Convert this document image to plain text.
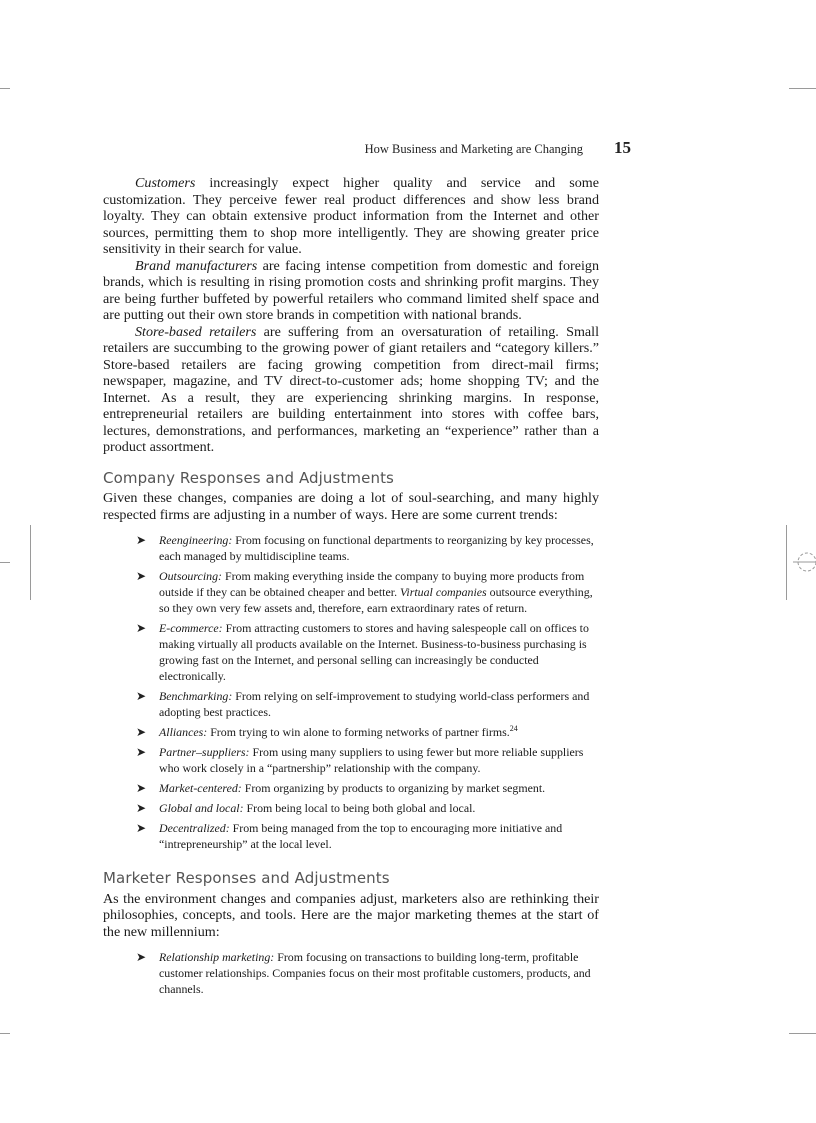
How Business and Marketing are Changing 15

Customers increasingly expect higher quality and service and some customization. They perceive fewer real product differences and show less brand loyalty. They can obtain extensive product information from the Internet and other sources, permitting them to shop more intelligently. They are showing greater price sensitivity in their search for value.

Brand manufacturers are facing intense competition from domestic and foreign brands, which is resulting in rising promotion costs and shrinking profit margins. They are being further buffeted by powerful retailers who command limited shelf space and are putting out their own store brands in competition with national brands.

Store-based retailers are suffering from an oversaturation of retailing. Small retailers are succumbing to the growing power of giant retailers and “category killers.” Store-based retailers are facing growing competition from direct-mail firms; newspaper, magazine, and TV direct-to-customer ads; home shopping TV; and the Internet. As a result, they are experiencing shrinking margins. In response, entrepreneurial retailers are building entertainment into stores with coffee bars, lectures, demonstrations, and performances, marketing an “experience” rather than a product assortment.

Company Responses and Adjustments

Given these changes, companies are doing a lot of soul-searching, and many highly respected firms are adjusting in a number of ways. Here are some current trends:

➤ Reengineering: From focusing on functional departments to reorganizing by key processes, each managed by multidiscipline teams.
➤ Outsourcing: From making everything inside the company to buying more products from outside if they can be obtained cheaper and better. Virtual companies outsource everything, so they own very few assets and, therefore, earn extraordinary rates of return.
➤ E-commerce: From attracting customers to stores and having salespeople call on offices to making virtually all products available on the Internet. Business-to-business purchasing is growing fast on the Internet, and personal selling can increasingly be conducted electronically.
➤ Benchmarking: From relying on self-improvement to studying world-class performers and adopting best practices.
➤ Alliances: From trying to win alone to forming networks of partner firms.$^{24}$
➤ Partner–suppliers: From using many suppliers to using fewer but more reliable suppliers who work closely in a “partnership” relationship with the company.
➤ Market-centered: From organizing by products to organizing by market segment.
➤ Global and local: From being local to being both global and local.
➤ Decentralized: From being managed from the top to encouraging more initiative and “intrepreneurship” at the local level.
Marketer Responses and Adjustments

As the environment changes and companies adjust, marketers also are rethinking their philosophies, concepts, and tools. Here are the major marketing themes at the start of the new millennium:

➤ Relationship marketing: From focusing on transactions to building long-term, profitable customer relationships. Companies focus on their most profitable customers, products, and channels.
